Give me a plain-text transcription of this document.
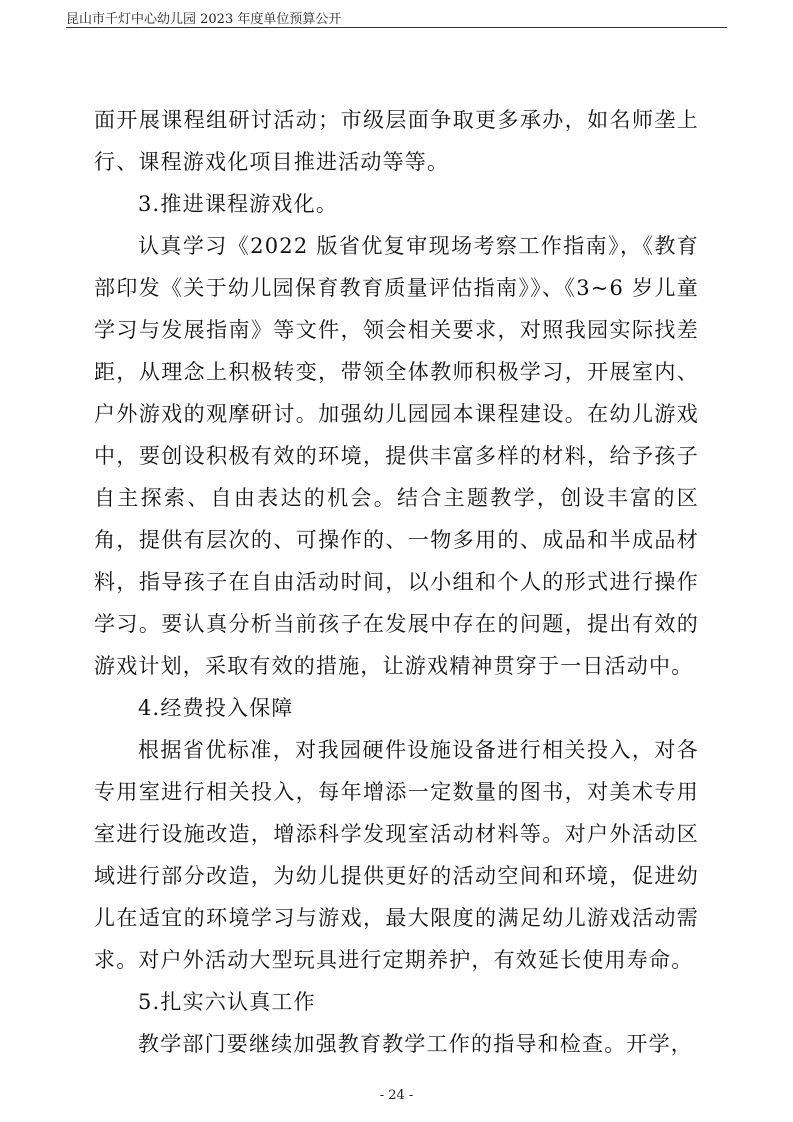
昆山市千灯中心幼儿园 2023 年度单位预算公开

面开展课程组研讨活动；市级层面争取更多承办，如名师垄上行、课程游戏化项目推进活动等等。

3.推进课程游戏化。

认真学习《2022 版省优复审现场考察工作指南》，《教育部印发《关于幼儿园保育教育质量评估指南》》、《3~6 岁儿童学习与发展指南》等文件，领会相关要求，对照我园实际找差距，从理念上积极转变，带领全体教师积极学习，开展室内、户外游戏的观摩研讨。加强幼儿园园本课程建设。在幼儿游戏中，要创设积极有效的环境，提供丰富多样的材料，给予孩子自主探索、自由表达的机会。结合主题教学，创设丰富的区角，提供有层次的、可操作的、一物多用的、成品和半成品材料，指导孩子在自由活动时间，以小组和个人的形式进行操作学习。要认真分析当前孩子在发展中存在的问题，提出有效的游戏计划，采取有效的措施，让游戏精神贯穿于一日活动中。

4.经费投入保障

根据省优标准，对我园硬件设施设备进行相关投入，对各专用室进行相关投入，每年增添一定数量的图书，对美术专用室进行设施改造，增添科学发现室活动材料等。对户外活动区域进行部分改造，为幼儿提供更好的活动空间和环境，促进幼儿在适宜的环境学习与游戏，最大限度的满足幼儿游戏活动需求。对户外活动大型玩具进行定期养护，有效延长使用寿命。

5.扎实六认真工作

教学部门要继续加强教育教学工作的指导和检查。开学，

- 24 -
